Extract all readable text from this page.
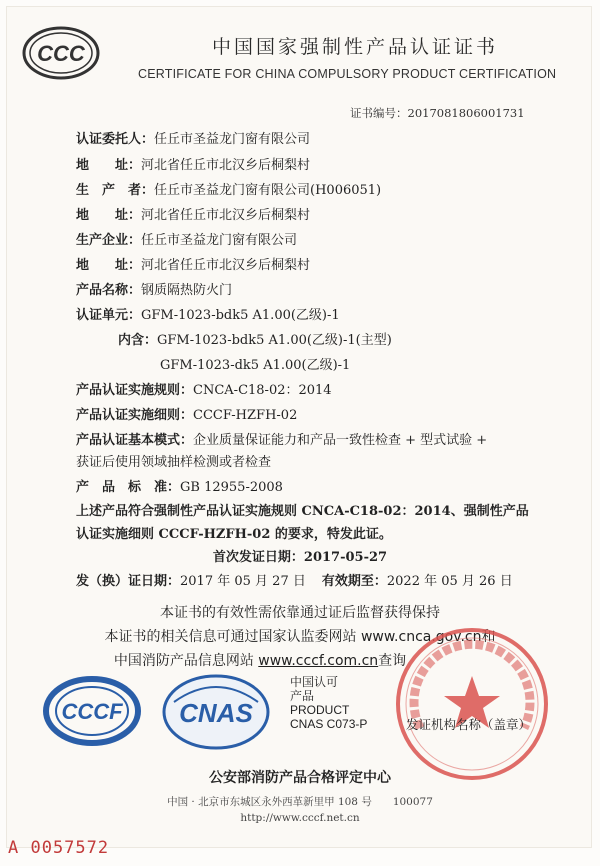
CCC	中国国家强制性产品认证证书
CERTIFICATE FOR CHINA COMPULSORY PRODUCT CERTIFICATION
证书编号：2017081806001731
认证委托人：任丘市圣益龙门窗有限公司
地　　址：河北省任丘市北汉乡后桐梨村
生　产　者：任丘市圣益龙门窗有限公司(H006051)
地　　址：河北省任丘市北汉乡后桐梨村
生产企业：任丘市圣益龙门窗有限公司
地　　址：河北省任丘市北汉乡后桐梨村
产品名称：钢质隔热防火门
认证单元：GFM-1023-bdk5 A1.00(乙级)-1
内含：GFM-1023-bdk5 A1.00(乙级)-1(主型)
GFM-1023-dk5 A1.00(乙级)-1
产品认证实施规则：CNCA-C18-02：2014
产品认证实施细则：CCCF-HZFH-02
产品认证基本模式：企业质量保证能力和产品一致性检查 + 型式试验 +
获证后使用领域抽样检测或者检查
产　品　标　准：GB 12955-2008
上述产品符合强制性产品认证实施规则 CNCA-C18-02：2014、强制性产品
认证实施细则 CCCF-HZFH-02 的要求，特发此证。
首次发证日期：2017-05-27
发（换）证日期：2017 年 05 月 27 日 有效期至：2022 年 05 月 26 日
本证书的有效性需依靠通过证后监督获得保持
本证书的相关信息可通过国家认监委网站 www.cnca.gov.cn和
中国消防产品信息网站 www.cccf.com.cn查询
CCCF CNAS
中国认可
产品
PRODUCT
CNAS C073-P	发证机构名称（盖章）
公安部消防产品合格评定中心
中国 · 北京市东城区永外西革新里甲 108 号　　100077
http://www.cccf.net.cn
A 0057572
